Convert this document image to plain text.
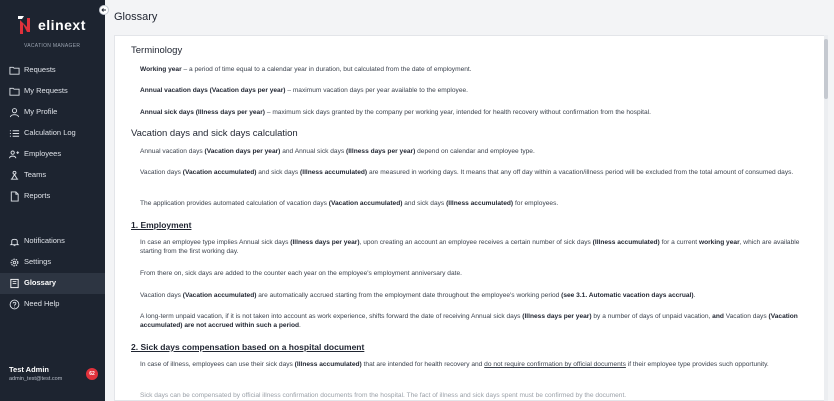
elinext
VACATION MANAGER
Requests
My Requests
My Profile
Calculation Log
Employees
Teams
Reports
Notifications
Settings
Glossary
Need Help
Test Admin
admin_test@test.com
62
Glossary
Terminology
Working year – a period of time equal to a calendar year in duration, but calculated from the date of employment.
Annual vacation days (Vacation days per year) – maximum vacation days per year available to the employee.
Annual sick days (Illness days per year) – maximum sick days granted by the company per working year, intended for health recovery without confirmation from the hospital.
Vacation days and sick days calculation
Annual vacation days (Vacation days per year) and Annual sick days (Illness days per year) depend on calendar and employee type.
Vacation days (Vacation accumulated) and sick days (Illness accumulated) are measured in working days. It means that any off day within a vacation/illness period will be excluded from the total amount of consumed days.
The application provides automated calculation of vacation days (Vacation accumulated) and sick days (Illness accumulated) for employees.
1. Employment
In case an employee type implies Annual sick days (Illness days per year), upon creating an account an employee receives a certain number of sick days (Illness accumulated) for a current working year, which are available starting from the first working day.
From there on, sick days are added to the counter each year on the employee's employment anniversary date.
Vacation days (Vacation accumulated) are automatically accrued starting from the employment date throughout the employee's working period (see 3.1. Automatic vacation days accrual).
A long-term unpaid vacation, if it is not taken into account as work experience, shifts forward the date of receiving Annual sick days (Illness days per year) by a number of days of unpaid vacation, and Vacation days (Vacation accumulated) are not accrued within such a period.
2. Sick days compensation based on a hospital document
In case of illness, employees can use their sick days (Illness accumulated) that are intended for health recovery and do not require confirmation by official documents if their employee type provides such opportunity.
Sick days can be compensated by official illness confirmation documents from the hospital. The fact of illness and sick days spent must be confirmed by the document.
